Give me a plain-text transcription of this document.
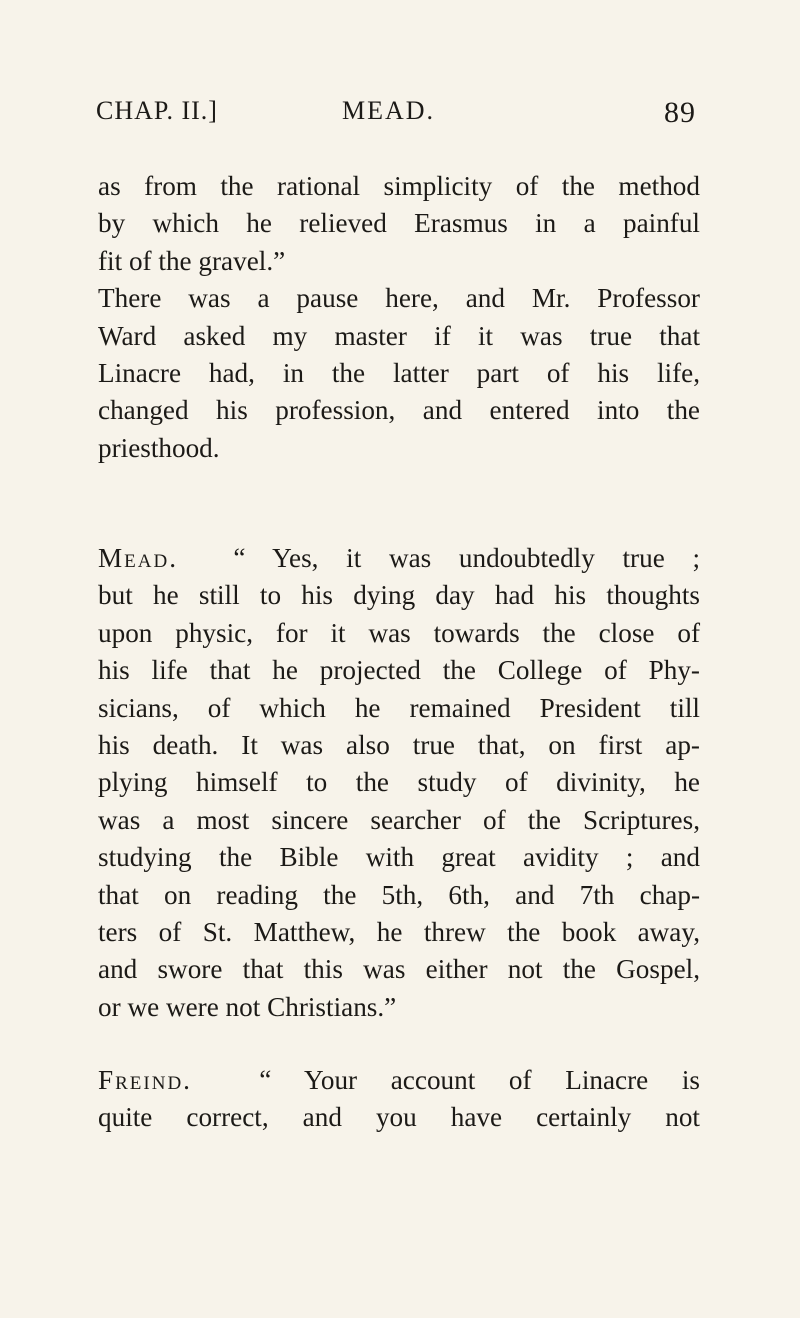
CHAP. II.]	MEAD.	89
as from the rational simplicity of the method
by which he relieved Erasmus in a painful
fit of the gravel.”
There was a pause here, and Mr. Professor
Ward asked my master if it was true that
Linacre had, in the latter part of his life,
changed his profession, and entered into the
priesthood.
Mead. “ Yes, it was undoubtedly true ;
but he still to his dying day had his thoughts
upon physic, for it was towards the close of
his life that he projected the College of Phy-
sicians, of which he remained President till
his death. It was also true that, on first ap-
plying himself to the study of divinity, he
was a most sincere searcher of the Scriptures,
studying the Bible with great avidity ; and
that on reading the 5th, 6th, and 7th chap-
ters of St. Matthew, he threw the book away,
and swore that this was either not the Gospel,
or we were not Christians.”
Freind. “ Your account of Linacre is
quite correct, and you have certainly not
